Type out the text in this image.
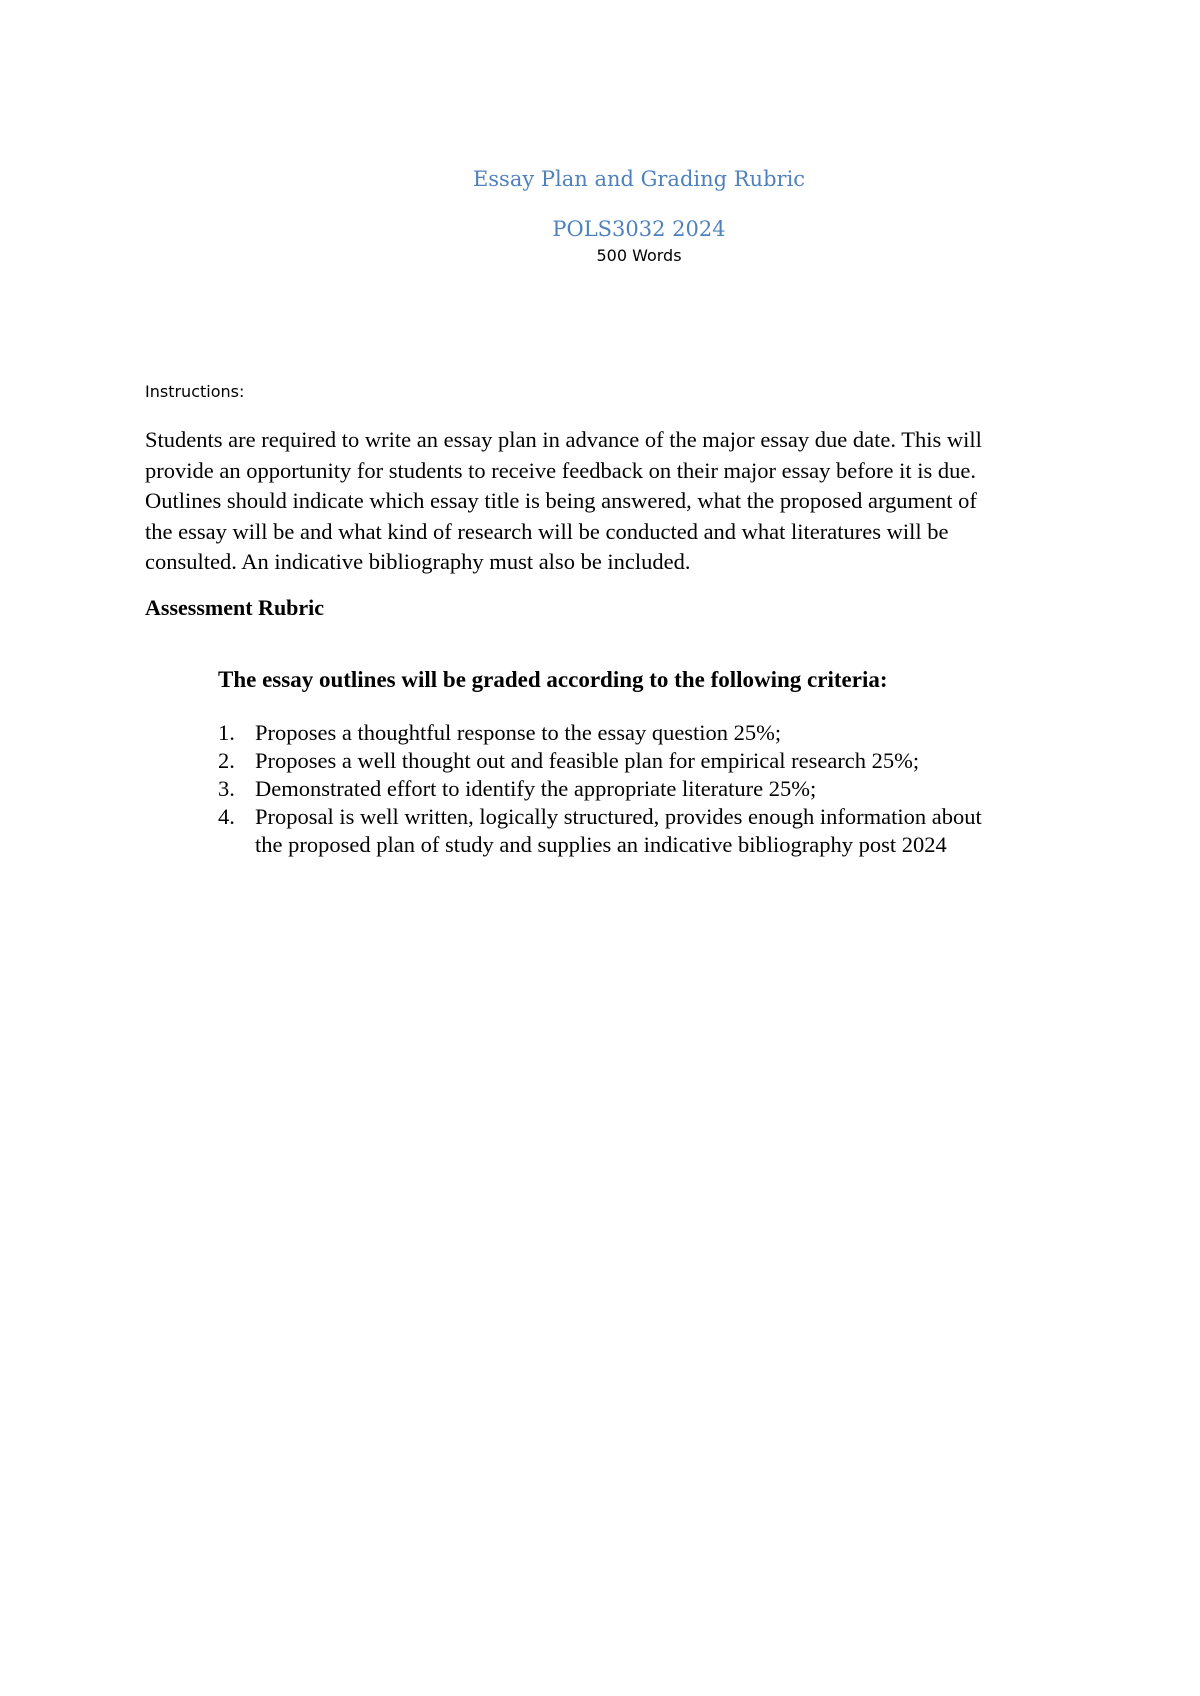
Essay Plan and Grading Rubric
POLS3032 2024

500 Words

Instructions:

Students are required to write an essay plan in advance of the major essay due date. This will
provide an opportunity for students to receive feedback on their major essay before it is due.
Outlines should indicate which essay title is being answered, what the proposed argument of
the essay will be and what kind of research will be conducted and what literatures will be
consulted. An indicative bibliography must also be included.

Assessment Rubric

The essay outlines will be graded according to the following criteria:

1. Proposes a thoughtful response to the essay question 25%;
2. Proposes a well thought out and feasible plan for empirical research 25%;
3. Demonstrated effort to identify the appropriate literature 25%;
4. Proposal is well written, logically structured, provides enough information about
the proposed plan of study and supplies an indicative bibliography post 2024
